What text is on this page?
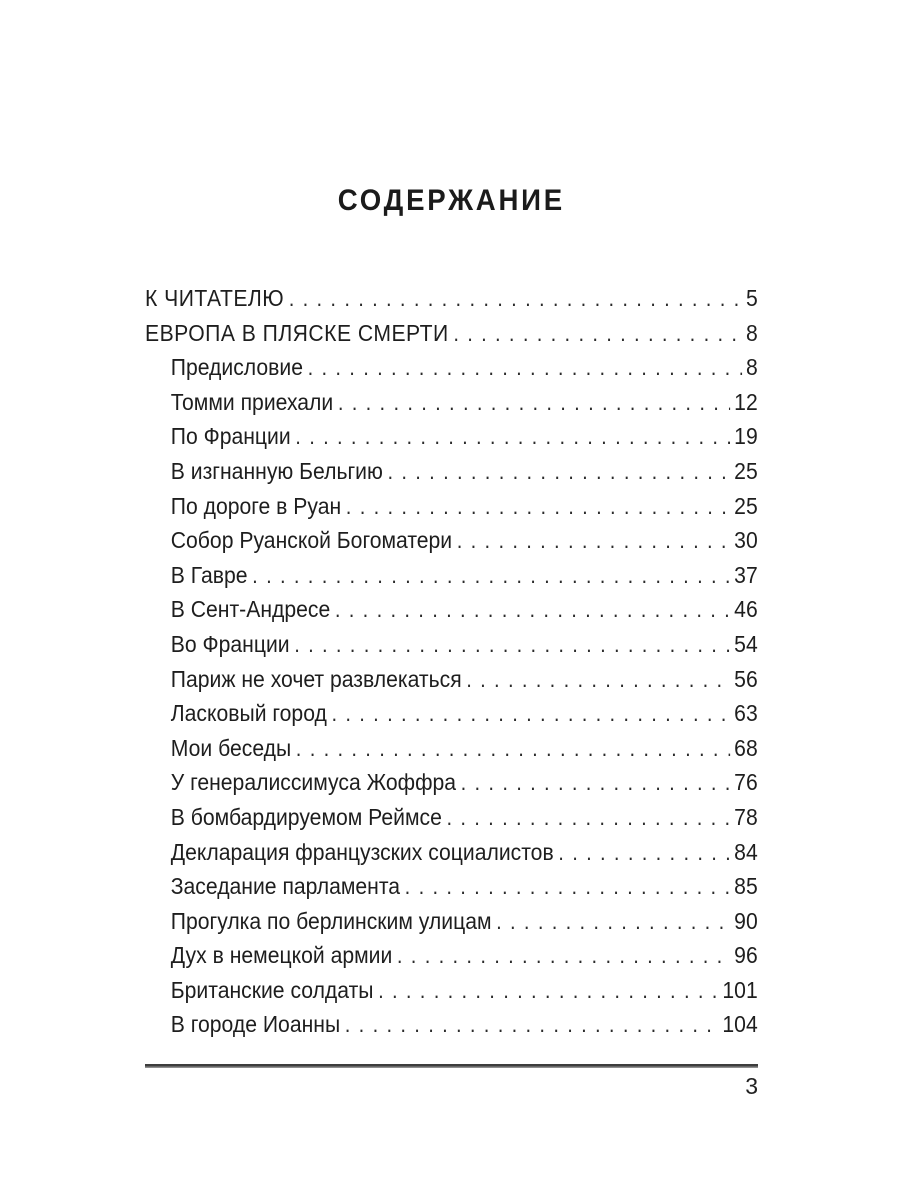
СОДЕРЖАНИЕ
К ЧИТАТЕЛЮ .....	5
ЕВРОПА В ПЛЯСКЕ СМЕРТИ .....	8
Предисловие .....	8
Томми приехали .....	12
По Франции .....	19
В изгнанную Бельгию .....	25
По дороге в Руан .....	25
Собор Руанской Богоматери .....	30
В Гавре .....	37
В Сент-Андресе .....	46
Во Франции .....	54
Париж не хочет развлекаться .....	56
Ласковый город .....	63
Мои беседы .....	68
У генералиссимуса Жоффра .....	76
В бомбардируемом Реймсе .....	78
Декларация французских социалистов .....	84
Заседание парламента .....	85
Прогулка по берлинским улицам .....	90
Дух в немецкой армии .....	96
Британские солдаты .....	101
В городе Иоанны .....	104
3
